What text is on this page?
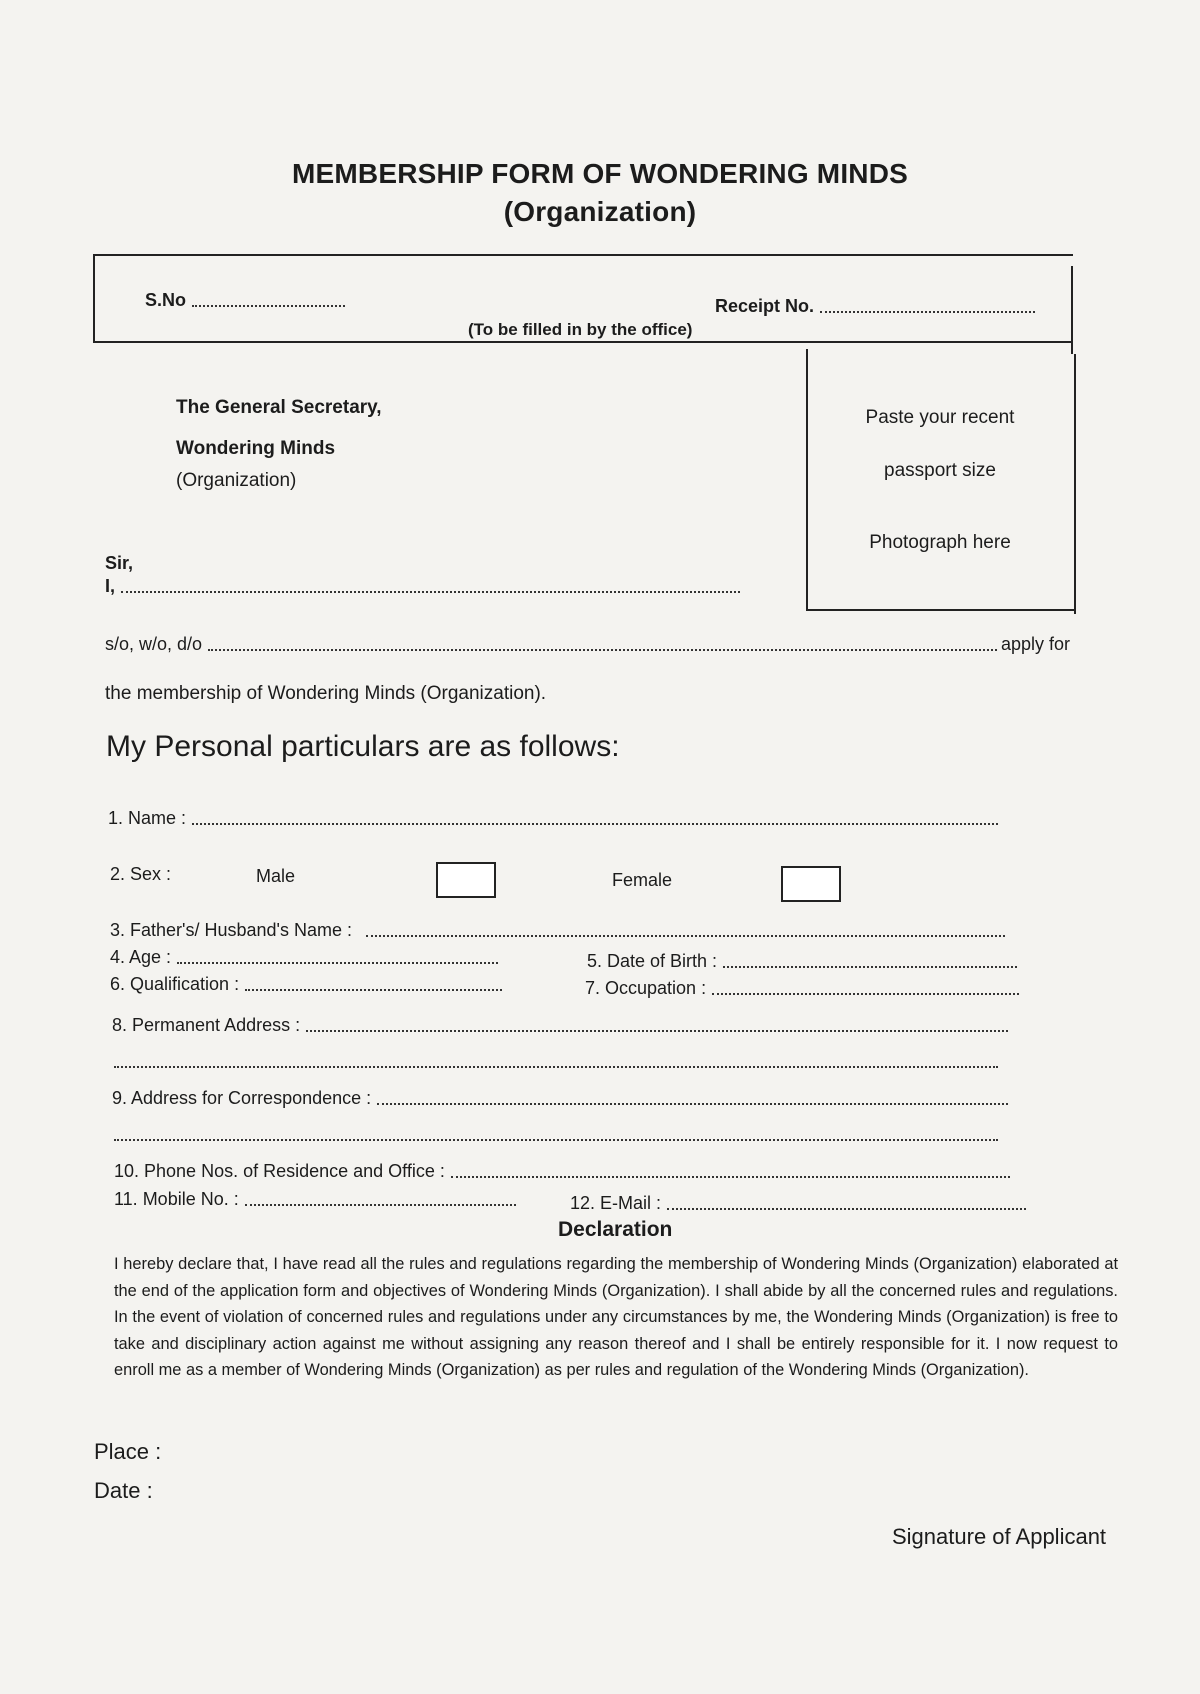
MEMBERSHIP FORM OF WONDERING MINDS
(Organization)
S.No
(To be filled in by the office)
Receipt No.
Paste your recent
passport size
Photograph here
The General Secretary,
Wondering Minds
(Organization)
Sir,
I,
s/o, w/o, d/o	apply for
the membership of Wondering Minds (Organization).
My Personal particulars are as follows:
1. Name :
2. Sex :	Male	Female
3. Father's/ Husband's Name :
4. Age :	5. Date of Birth :
6. Qualification :	7. Occupation :
8. Permanent Address :
9. Address for Correspondence :
10. Phone Nos. of Residence and Office :
11. Mobile No. :	12. E-Mail :
Declaration
I hereby declare that, I have read all the rules and regulations regarding the membership of Wondering Minds (Organization) elaborated at the end of the application form and objectives of Wondering Minds (Organization). I shall abide by all the concerned rules and regulations. In the event of violation of concerned rules and regulations under any circumstances by me, the Wondering Minds (Organization) is free to take and disciplinary action against me without assigning any reason thereof and I shall be entirely responsible for it. I now request to enroll me as a member of Wondering Minds (Organization) as per rules and regulation of the Wondering Minds (Organization).
Place :
Date :
Signature of Applicant
